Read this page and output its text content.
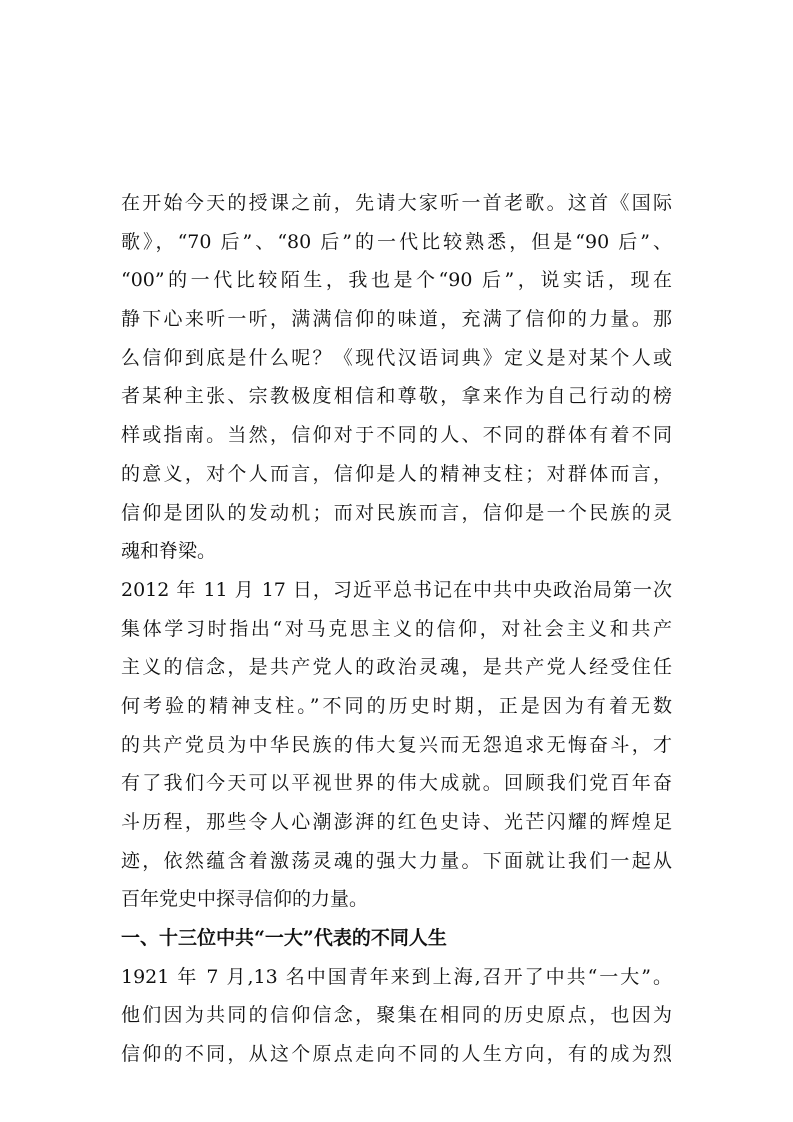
在开始今天的授课之前，先请大家听一首老歌。这首《国际
歌》，“70 后”、“80 后”的一代比较熟悉，但是“90 后”、
“00”的一代比较陌生，我也是个“90 后”，说实话，现在
静下心来听一听，满满信仰的味道，充满了信仰的力量。那
么信仰到底是什么呢？《现代汉语词典》定义是对某个人或
者某种主张、宗教极度相信和尊敬，拿来作为自己行动的榜
样或指南。当然，信仰对于不同的人、不同的群体有着不同
的意义，对个人而言，信仰是人的精神支柱；对群体而言，
信仰是团队的发动机；而对民族而言，信仰是一个民族的灵
魂和脊梁。
2012 年 11 月 17 日，习近平总书记在中共中央政治局第一次
集体学习时指出“对马克思主义的信仰，对社会主义和共产
主义的信念，是共产党人的政治灵魂，是共产党人经受住任
何考验的精神支柱。”不同的历史时期，正是因为有着无数
的共产党员为中华民族的伟大复兴而无怨追求无悔奋斗，才
有了我们今天可以平视世界的伟大成就。回顾我们党百年奋
斗历程，那些令人心潮澎湃的红色史诗、光芒闪耀的辉煌足
迹，依然蕴含着激荡灵魂的强大力量。下面就让我们一起从
百年党史中探寻信仰的力量。
一、十三位中共“一大”代表的不同人生
1921 年 7 月,13 名中国青年来到上海,召开了中共“一大”。
他们因为共同的信仰信念，聚集在相同的历史原点，也因为
信仰的不同，从这个原点走向不同的人生方向，有的成为烈
